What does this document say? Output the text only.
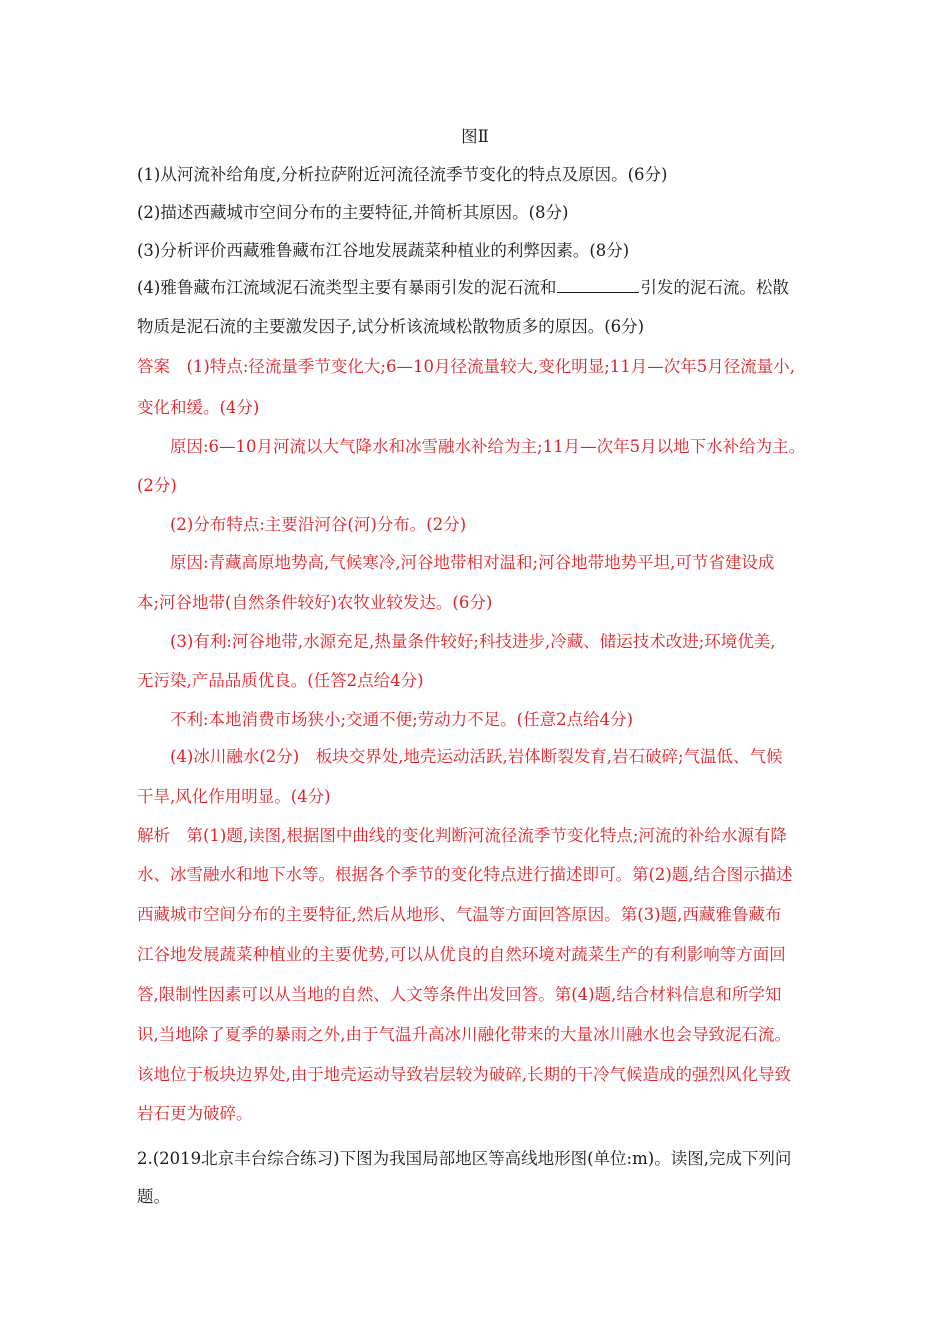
图Ⅱ
(1)从河流补给角度,分析拉萨附近河流径流季节变化的特点及原因。(6分)
(2)描述西藏城市空间分布的主要特征,并简析其原因。(8分)
(3)分析评价西藏雅鲁藏布江谷地发展蔬菜种植业的利弊因素。(8分)
(4)雅鲁藏布江流域泥石流类型主要有暴雨引发的泥石流和	引发的泥石流。松散
物质是泥石流的主要激发因子,试分析该流域松散物质多的原因。(6分)
答案　(1)特点:径流量季节变化大;6—10月径流量较大,变化明显;11月—次年5月径流量小,
变化和缓。(4分)
　　原因:6—10月河流以大气降水和冰雪融水补给为主;11月—次年5月以地下水补给为主。
(2分)
　　(2)分布特点:主要沿河谷(河)分布。(2分)
　　原因:青藏高原地势高,气候寒冷,河谷地带相对温和;河谷地带地势平坦,可节省建设成
本;河谷地带(自然条件较好)农牧业较发达。(6分)
　　(3)有利:河谷地带,水源充足,热量条件较好;科技进步,冷藏、储运技术改进;环境优美,
无污染,产品品质优良。(任答2点给4分)
　　不利:本地消费市场狭小;交通不便;劳动力不足。(任意2点给4分)
　　(4)冰川融水(2分)　板块交界处,地壳运动活跃,岩体断裂发育,岩石破碎;气温低、气候
干旱,风化作用明显。(4分)
解析　第(1)题,读图,根据图中曲线的变化判断河流径流季节变化特点;河流的补给水源有降
水、冰雪融水和地下水等。根据各个季节的变化特点进行描述即可。第(2)题,结合图示描述
西藏城市空间分布的主要特征,然后从地形、气温等方面回答原因。第(3)题,西藏雅鲁藏布
江谷地发展蔬菜种植业的主要优势,可以从优良的自然环境对蔬菜生产的有利影响等方面回
答,限制性因素可以从当地的自然、人文等条件出发回答。第(4)题,结合材料信息和所学知
识,当地除了夏季的暴雨之外,由于气温升高冰川融化带来的大量冰川融水也会导致泥石流。
该地位于板块边界处,由于地壳运动导致岩层较为破碎,长期的干冷气候造成的强烈风化导致
岩石更为破碎。
2.(2019北京丰台综合练习)下图为我国局部地区等高线地形图(单位:m)。读图,完成下列问
题。
